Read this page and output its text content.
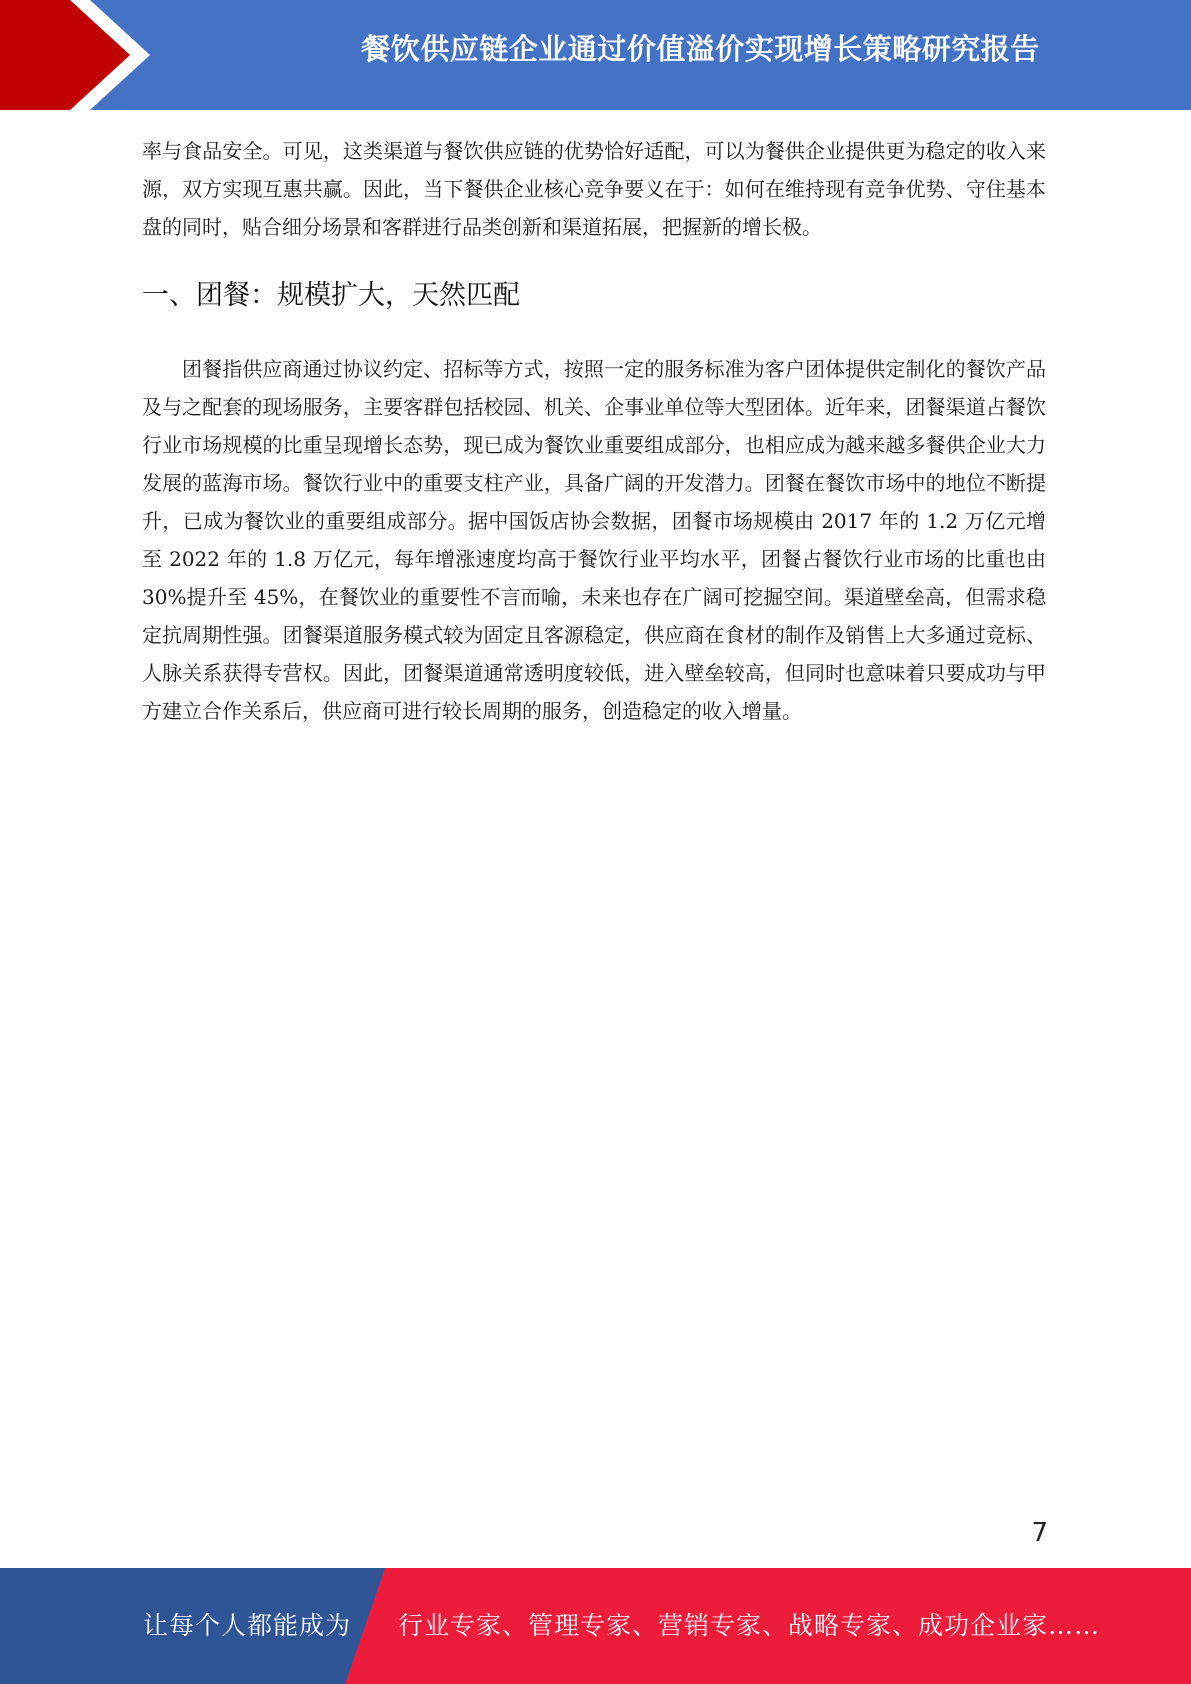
餐饮供应链企业通过价值溢价实现增长策略研究报告

率与食品安全。可见，这类渠道与餐饮供应链的优势恰好适配，可以为餐供企业提供更为稳定的收入来源，双方实现互惠共赢。因此，当下餐供企业核心竞争要义在于：如何在维持现有竞争优势、守住基本盘的同时，贴合细分场景和客群进行品类创新和渠道拓展，把握新的增长极。

一、团餐：规模扩大，天然匹配

团餐指供应商通过协议约定、招标等方式，按照一定的服务标准为客户团体提供定制化的餐饮产品及与之配套的现场服务，主要客群包括校园、机关、企事业单位等大型团体。近年来，团餐渠道占餐饮行业市场规模的比重呈现增长态势，现已成为餐饮业重要组成部分，也相应成为越来越多餐供企业大力发展的蓝海市场。餐饮行业中的重要支柱产业，具备广阔的开发潜力。团餐在餐饮市场中的地位不断提升，已成为餐饮业的重要组成部分。据中国饭店协会数据，团餐市场规模由 2017 年的 1.2 万亿元增至 2022 年的 1.8 万亿元，每年增涨速度均高于餐饮行业平均水平，团餐占餐饮行业市场的比重也由 30%提升至 45%，在餐饮业的重要性不言而喻，未来也存在广阔可挖掘空间。渠道壁垒高，但需求稳定抗周期性强。团餐渠道服务模式较为固定且客源稳定，供应商在食材的制作及销售上大多通过竞标、人脉关系获得专营权。因此，团餐渠道通常透明度较低，进入壁垒较高，但同时也意味着只要成功与甲方建立合作关系后，供应商可进行较长周期的服务，创造稳定的收入增量。

7
让每个人都能成为 行业专家、管理专家、营销专家、战略专家、成功企业家……
